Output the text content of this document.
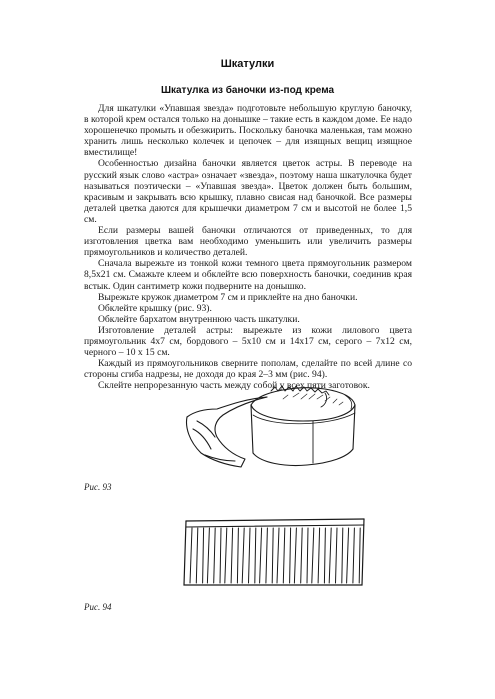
Шкатулки
Шкатулка из баночки из-под крема

Для шкатулки «Упавшая звезда» подготовьте небольшую круглую баночку, в которой крем остался только на донышке – такие есть в каждом доме. Ее надо хорошенечко промыть и обезжирить. Поскольку баночка маленькая, там можно хранить лишь несколько колечек и цепочек – для изящных вещиц изящное вместилище!

Особенностью дизайна баночки является цветок астры. В переводе на русский язык слово «астра» означает «звезда», поэтому наша шкатулочка будет называться поэтически – «Упавшая звезда». Цветок должен быть большим, красивым и закрывать всю крышку, плавно свисая над баночкой. Все размеры деталей цветка даются для крышечки диаметром 7 см и высотой не более 1,5 см.

Если размеры вашей баночки отличаются от приведенных, то для изготовления цветка вам необходимо уменьшить или увеличить размеры прямоугольников и количество деталей.

Сначала вырежьте из тонкой кожи темного цвета прямоугольник размером 8,5x21 см. Смажьте клеем и обклейте всю поверхность баночки, соединив края встык. Один сантиметр кожи подверните на донышко.

Вырежьте кружок диаметром 7 см и приклейте на дно баночки.

Обклейте крышку (рис. 93).

Обклейте бархатом внутреннюю часть шкатулки.

Изготовление деталей астры: вырежьте из кожи лилового цвета прямоугольник 4x7 см, бордового – 5x10 см и 14x17 см, серого – 7x12 см, черного – 10 x 15 см.

Каждый из прямоугольников сверните пополам, сделайте по всей длине со стороны сгиба надрезы, не доходя до края 2–3 мм (рис. 94).

Склейте непрорезанную часть между собой у всех пяти заготовок.

Рис. 93
Рис. 94
